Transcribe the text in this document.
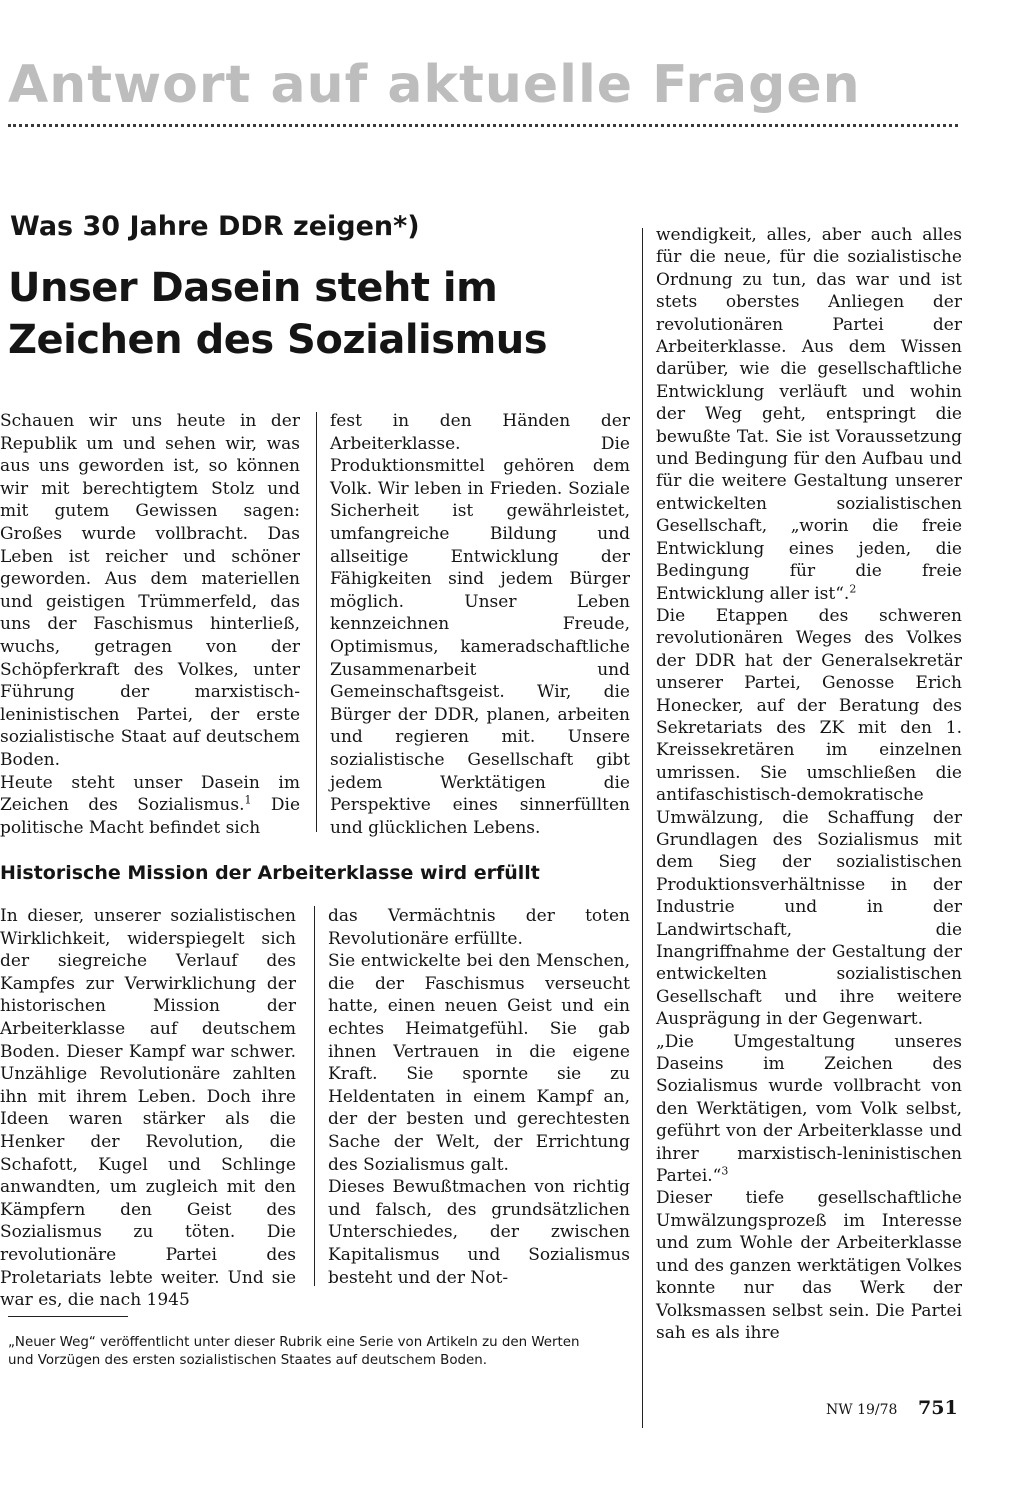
Antwort auf aktuelle Fragen
Was 30 Jahre DDR zeigen*)
Unser Dasein steht im
Zeichen des Sozialismus

Schauen wir uns heute in der Republik um und sehen wir, was aus uns geworden ist, so können wir mit berechtigtem Stolz und mit gutem Gewissen sagen: Großes wurde vollbracht. Das Leben ist reicher und schöner geworden. Aus dem materiellen und geistigen Trümmerfeld, das uns der Faschismus hinterließ, wuchs, getragen von der Schöpferkraft des Volkes, unter Führung der marxistisch-leninistischen Partei, der erste sozialistische Staat auf deutschem Boden.

Heute steht unser Dasein im Zeichen des Sozialismus.$^1$ Die politische Macht befindet sich

fest in den Händen der Arbeiterklasse. Die Produktionsmittel gehören dem Volk. Wir leben in Frieden. Soziale Sicherheit ist gewährleistet, umfangreiche Bildung und allseitige Entwicklung der Fähigkeiten sind jedem Bürger möglich. Unser Leben kennzeichnen Freude, Optimismus, kameradschaftliche Zusammenarbeit und Gemeinschaftsgeist. Wir, die Bürger der DDR, planen, arbeiten und regieren mit. Unsere sozialistische Gesellschaft gibt jedem Werktätigen die Perspektive eines sinnerfüllten und glücklichen Lebens.

wendigkeit, alles, aber auch alles für die neue, für die sozialistische Ordnung zu tun, das war und ist stets oberstes Anliegen der revolutionären Partei der Arbeiterklasse. Aus dem Wissen darüber, wie die gesellschaftliche Entwicklung verläuft und wohin der Weg geht, entspringt die bewußte Tat. Sie ist Voraussetzung und Bedingung für den Aufbau und für die weitere Gestaltung unserer entwickelten sozialistischen Gesellschaft, „worin die freie Entwicklung eines jeden, die Bedingung für die freie Entwicklung aller ist“.$^2$

Die Etappen des schweren revolutionären Weges des Volkes der DDR hat der Generalsekretär unserer Partei, Genosse Erich Honecker, auf der Beratung des Sekretariats des ZK mit den 1. Kreissekretären im einzelnen umrissen. Sie umschließen die antifaschistisch-demokratische Umwälzung, die Schaffung der Grundlagen des Sozialismus mit dem Sieg der sozialistischen Produktionsverhältnisse in der Industrie und in der Landwirtschaft, die Inangriffnahme der Gestaltung der entwickelten sozialistischen Gesellschaft und ihre weitere Ausprägung in der Gegenwart.

„Die Umgestaltung unseres Daseins im Zeichen des Sozialismus wurde vollbracht von den Werktätigen, vom Volk selbst, geführt von der Arbeiterklasse und ihrer marxistisch-leninistischen Partei.“$^3$

Dieser tiefe gesellschaftliche Umwälzungsprozeß im Interesse und zum Wohle der Arbeiterklasse und des ganzen werktätigen Volkes konnte nur das Werk der Volksmassen selbst sein. Die Partei sah es als ihre

Historische Mission der Arbeiterklasse wird erfüllt

In dieser, unserer sozialistischen Wirklichkeit, widerspiegelt sich der siegreiche Verlauf des Kampfes zur Verwirklichung der historischen Mission der Arbeiterklasse auf deutschem Boden. Dieser Kampf war schwer. Unzählige Revolutionäre zahlten ihn mit ihrem Leben. Doch ihre Ideen waren stärker als die Henker der Revolution, die Schafott, Kugel und Schlinge anwandten, um zugleich mit den Kämpfern den Geist des Sozialismus zu töten. Die revolutionäre Partei des Proletariats lebte weiter. Und sie war es, die nach 1945

das Vermächtnis der toten Revolutionäre erfüllte.

Sie entwickelte bei den Menschen, die der Faschismus verseucht hatte, einen neuen Geist und ein echtes Heimatgefühl. Sie gab ihnen Vertrauen in die eigene Kraft. Sie spornte sie zu Heldentaten in einem Kampf an, der der besten und gerechtesten Sache der Welt, der Errichtung des Sozialismus galt.

Dieses Bewußtmachen von richtig und falsch, des grundsätzlichen Unterschiedes, der zwischen Kapitalismus und Sozialismus besteht und der Not-

„Neuer Weg“ veröffentlicht unter dieser Rubrik eine Serie von Artikeln zu den Werten
und Vorzügen des ersten sozialistischen Staates auf deutschem Boden.
NW 19/78 751
